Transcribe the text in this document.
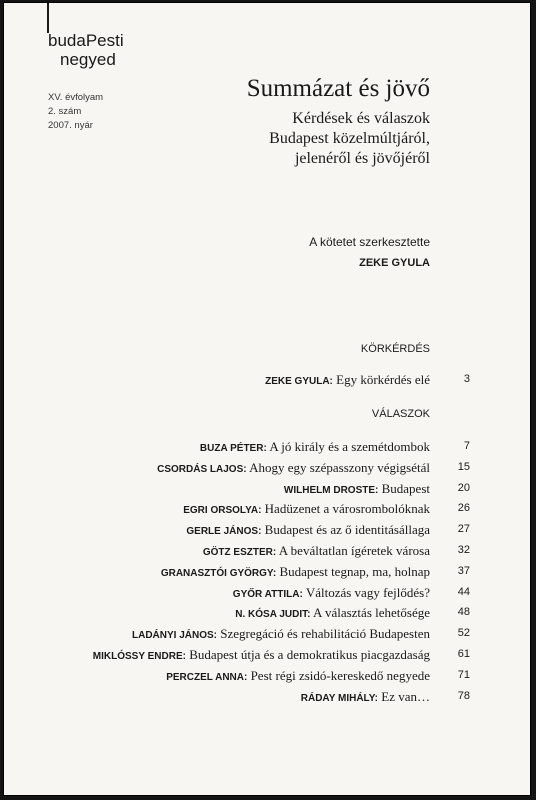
budaPesti
negyed
XV. évfolyam
2. szám
2007. nyár
Summázat és jövő
Kérdések és válaszok
Budapest közelmúltjáról,
jelenéről és jövőjéről
A kötetet szerkesztette
ZEKE GYULA
KÖRKÉRDÉS
ZEKE GYULA: Egy körkérdés elé	3
VÁLASZOK
BUZA PÉTER: A jó király és a szemétdombok	7
CSORDÁS LAJOS: Ahogy egy szépasszony végigsétál	15
WILHELM DROSTE: Budapest	20
EGRI ORSOLYA: Hadüzenet a városrombolóknak	26
GERLE JÁNOS: Budapest és az ő identitásállaga	27
GÖTZ ESZTER: A beváltatlan ígéretek városa	32
GRANASZTÓI GYÖRGY: Budapest tegnap, ma, holnap	37
GYŐR ATTILA: Változás vagy fejlődés?	44
N. KÓSA JUDIT: A választás lehetősége	48
LADÁNYI JÁNOS: Szegregáció és rehabilitáció Budapesten	52
MIKLÓSSY ENDRE: Budapest útja és a demokratikus piacgazdaság	61
PERCZEL ANNA: Pest régi zsidó-kereskedő negyede	71
RÁDAY MIHÁLY: Ez van…	78
